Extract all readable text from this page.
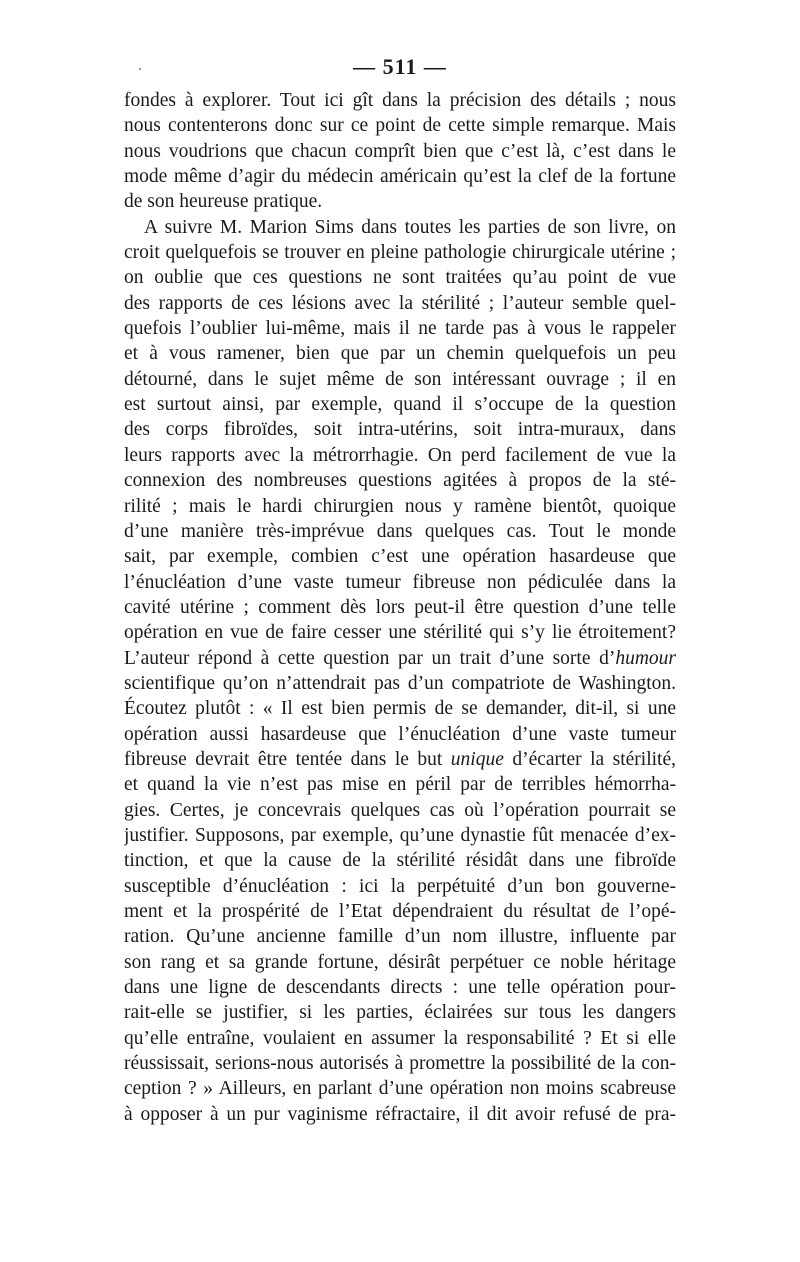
— 511 —
fondes à explorer. Tout ici gît dans la précision des détails ; nous
nous contenterons donc sur ce point de cette simple remarque. Mais
nous voudrions que chacun comprît bien que c’est là, c’est dans le
mode même d’agir du médecin américain qu’est la clef de la fortune
de son heureuse pratique.
A suivre M. Marion Sims dans toutes les parties de son livre, on
croit quelquefois se trouver en pleine pathologie chirurgicale utérine ;
on oublie que ces questions ne sont traitées qu’au point de vue
des rapports de ces lésions avec la stérilité ; l’auteur semble quel-
quefois l’oublier lui-même, mais il ne tarde pas à vous le rappeler
et à vous ramener, bien que par un chemin quelquefois un peu
détourné, dans le sujet même de son intéressant ouvrage ; il en
est surtout ainsi, par exemple, quand il s’occupe de la question
des corps fibroïdes, soit intra-utérins, soit intra-muraux, dans
leurs rapports avec la métrorrhagie. On perd facilement de vue la
connexion des nombreuses questions agitées à propos de la sté-
rilité ; mais le hardi chirurgien nous y ramène bientôt, quoique
d’une manière très-imprévue dans quelques cas. Tout le monde
sait, par exemple, combien c’est une opération hasardeuse que
l’énucléation d’une vaste tumeur fibreuse non pédiculée dans la
cavité utérine ; comment dès lors peut-il être question d’une telle
opération en vue de faire cesser une stérilité qui s’y lie étroitement?
L’auteur répond à cette question par un trait d’une sorte d’humour
scientifique qu’on n’attendrait pas d’un compatriote de Washington.
Écoutez plutôt : « Il est bien permis de se demander, dit-il, si une
opération aussi hasardeuse que l’énucléation d’une vaste tumeur
fibreuse devrait être tentée dans le but unique d’écarter la stérilité,
et quand la vie n’est pas mise en péril par de terribles hémorrha-
gies. Certes, je concevrais quelques cas où l’opération pourrait se
justifier. Supposons, par exemple, qu’une dynastie fût menacée d’ex-
tinction, et que la cause de la stérilité résidât dans une fibroïde
susceptible d’énucléation : ici la perpétuité d’un bon gouverne-
ment et la prospérité de l’Etat dépendraient du résultat de l’opé-
ration. Qu’une ancienne famille d’un nom illustre, influente par
son rang et sa grande fortune, désirât perpétuer ce noble héritage
dans une ligne de descendants directs : une telle opération pour-
rait-elle se justifier, si les parties, éclairées sur tous les dangers
qu’elle entraîne, voulaient en assumer la responsabilité ? Et si elle
réussissait, serions-nous autorisés à promettre la possibilité de la con-
ception ? » Ailleurs, en parlant d’une opération non moins scabreuse
à opposer à un pur vaginisme réfractaire, il dit avoir refusé de pra-
